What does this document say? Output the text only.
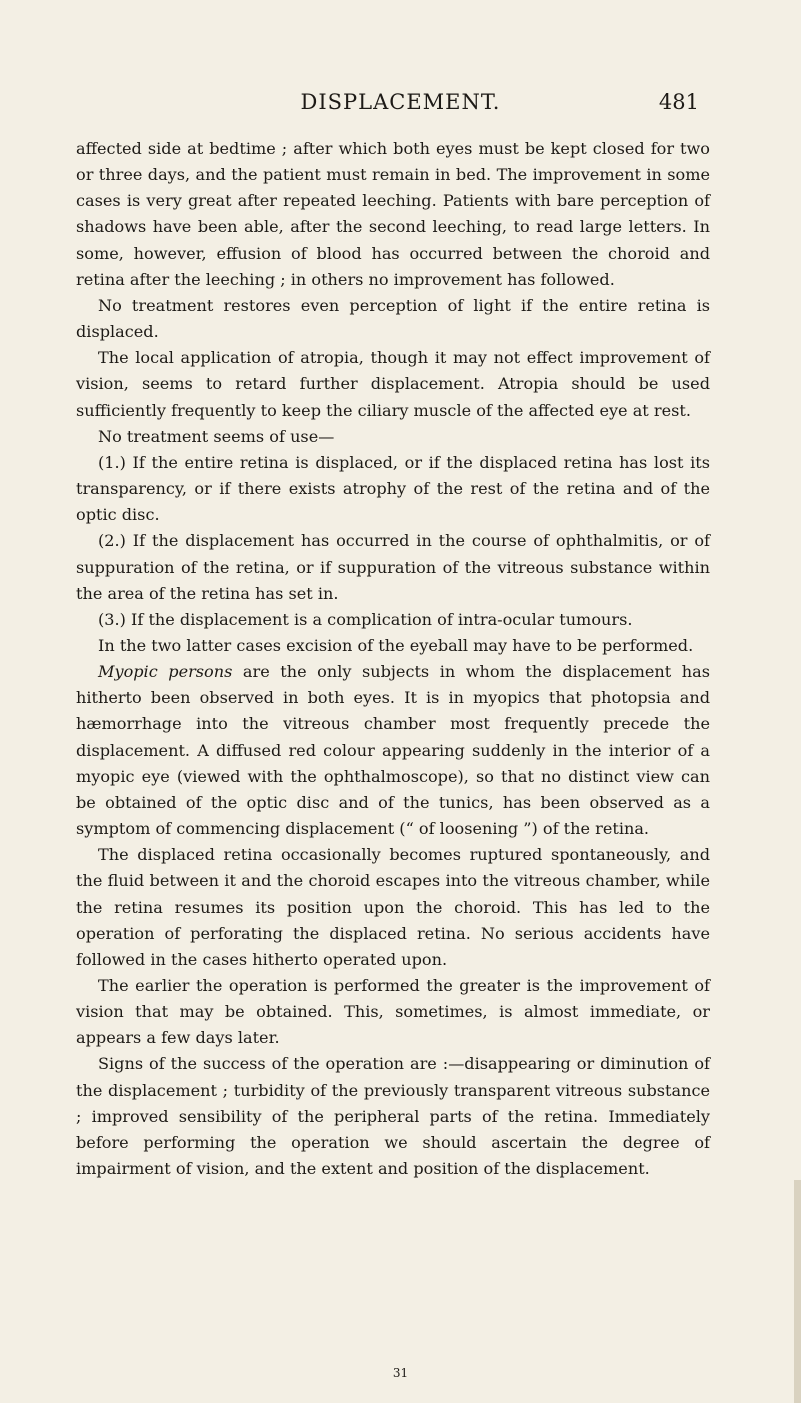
DISPLACEMENT.	481

affected side at bedtime ; after which both eyes must be kept closed for two or three days, and the patient must remain in bed. The improvement in some cases is very great after repeated leeching. Patients with bare perception of shadows have been able, after the second leeching, to read large letters. In some, however, effusion of blood has occurred between the choroid and retina after the leeching ; in others no improvement has followed.

No treatment restores even perception of light if the entire retina is displaced.

The local application of atropia, though it may not effect improvement of vision, seems to retard further displacement. Atropia should be used sufficiently frequently to keep the ciliary muscle of the affected eye at rest.

No treatment seems of use—

(1.) If the entire retina is displaced, or if the displaced retina has lost its transparency, or if there exists atrophy of the rest of the retina and of the optic disc.

(2.) If the displacement has occurred in the course of ophthalmitis, or of suppuration of the retina, or if suppuration of the vitreous substance within the area of the retina has set in.

(3.) If the displacement is a complication of intra-ocular tumours.

In the two latter cases excision of the eyeball may have to be performed.

Myopic persons are the only subjects in whom the displacement has hitherto been observed in both eyes. It is in myopics that photopsia and hæmorrhage into the vitreous chamber most frequently precede the displacement. A diffused red colour appearing suddenly in the interior of a myopic eye (viewed with the ophthalmoscope), so that no distinct view can be obtained of the optic disc and of the tunics, has been observed as a symptom of commencing displacement (“ of loosening ”) of the retina.

The displaced retina occasionally becomes ruptured spontaneously, and the fluid between it and the choroid escapes into the vitreous chamber, while the retina resumes its position upon the choroid. This has led to the operation of perforating the displaced retina. No serious accidents have followed in the cases hitherto operated upon.

The earlier the operation is performed the greater is the improvement of vision that may be obtained. This, sometimes, is almost immediate, or appears a few days later.

Signs of the success of the operation are :—disappearing or diminution of the displacement ; turbidity of the previously transparent vitreous substance ; improved sensibility of the peripheral parts of the retina. Immediately before performing the operation we should ascertain the degree of impairment of vision, and the extent and position of the displacement.

31
